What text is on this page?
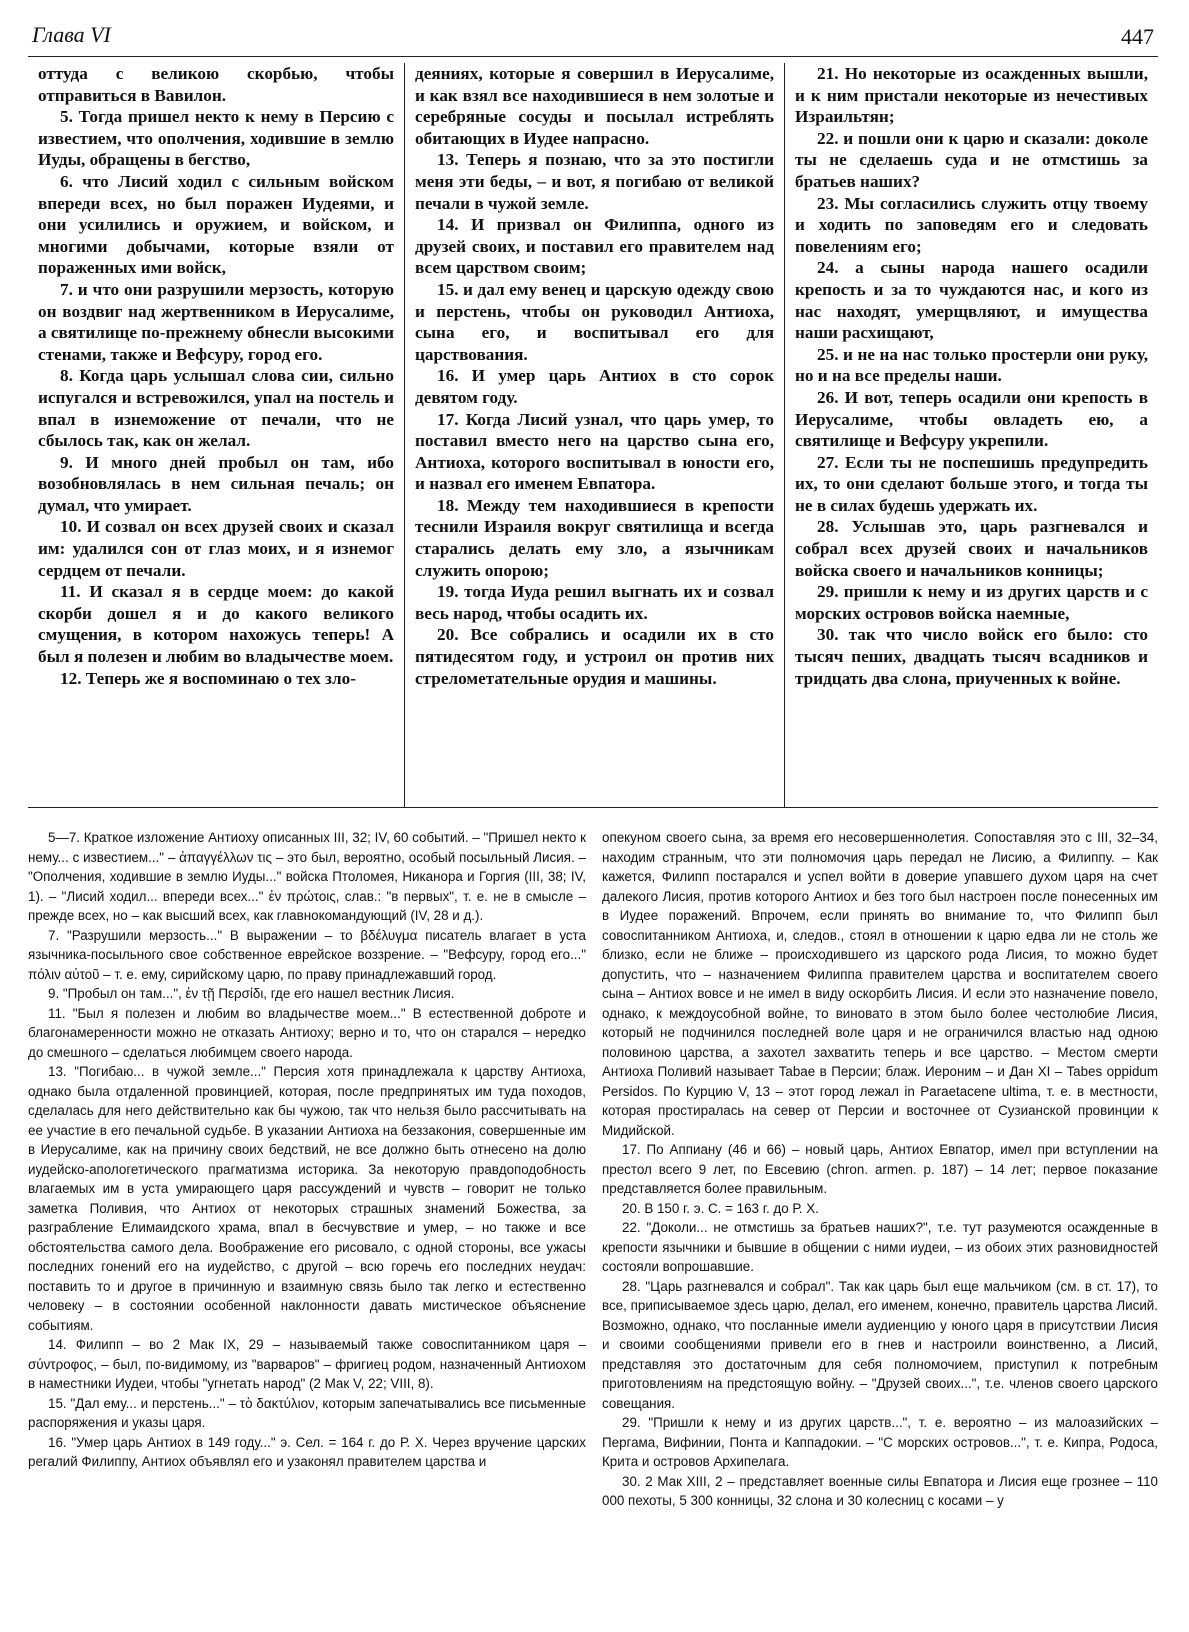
Глава VI	447

оттуда с великою скорбью, чтобы отправиться в Вавилон.

5. Тогда пришел некто к нему в Персию с известием, что ополчения, ходившие в землю Иуды, обращены в бегство,

6. что Лисий ходил с сильным войском впереди всех, но был поражен Иудеями, и они усилились и оружием, и войском, и многими добычами, которые взяли от пораженных ими войск,

7. и что они разрушили мерзость, которую он воздвиг над жертвенником в Иерусалиме, а святилище по-прежнему обнесли высокими стенами, также и Вефсуру, город его.

8. Когда царь услышал слова сии, сильно испугался и встревожился, упал на постель и впал в изнеможение от печали, что не сбылось так, как он желал.

9. И много дней пробыл он там, ибо возобновлялась в нем сильная печаль; он думал, что умирает.

10. И созвал он всех друзей своих и сказал им: удалился сон от глаз моих, и я изнемог сердцем от печали.

11. И сказал я в сердце моем: до какой скорби дошел я и до какого великого смущения, в котором нахожусь теперь! А был я полезен и любим во владычестве моем.

12. Теперь же я воспоминаю о тех зло-

деяниях, которые я совершил в Иерусалиме, и как взял все находившиеся в нем золотые и серебряные сосуды и посылал истреблять обитающих в Иудее напрасно.

13. Теперь я познаю, что за это постигли меня эти беды, – и вот, я погибаю от великой печали в чужой земле.

14. И призвал он Филиппа, одного из друзей своих, и поставил его правителем над всем царством своим;

15. и дал ему венец и царскую одежду свою и перстень, чтобы он руководил Антиоха, сына его, и воспитывал его для царствования.

16. И умер царь Антиох в сто сорок девятом году.

17. Когда Лисий узнал, что царь умер, то поставил вместо него на царство сына его, Антиоха, которого воспитывал в юности его, и назвал его именем Евпатора.

18. Между тем находившиеся в крепости теснили Израиля вокруг святилища и всегда старались делать ему зло, а язычникам служить опорою;

19. тогда Иуда решил выгнать их и созвал весь народ, чтобы осадить их.

20. Все собрались и осадили их в сто пятидесятом году, и устроил он против них стрелометательные орудия и машины.

21. Но некоторые из осажденных вышли, и к ним пристали некоторые из нечестивых Израильтян;

22. и пошли они к царю и сказали: доколе ты не сделаешь суда и не отмстишь за братьев наших?

23. Мы согласились служить отцу твоему и ходить по заповедям его и следовать повелениям его;

24. а сыны народа нашего осадили крепость и за то чуждаются нас, и кого из нас находят, умерщвляют, и имущества наши расхищают,

25. и не на нас только простерли они руку, но и на все пределы наши.

26. И вот, теперь осадили они крепость в Иерусалиме, чтобы овладеть ею, а святилище и Вефсуру укрепили.

27. Если ты не поспешишь предупредить их, то они сделают больше этого, и тогда ты не в силах будешь удержать их.

28. Услышав это, царь разгневался и собрал всех друзей своих и начальников войска своего и начальников конницы;

29. пришли к нему и из других царств и с морских островов войска наемные,

30. так что число войск его было: сто тысяч пеших, двадцать тысяч всадников и тридцать два слона, приученных к войне.

5—7. Краткое изложение Антиоху описанных III, 32; IV, 60 событий. – "Пришел некто к нему... с известием..." – ἀπαγγέλλων τις – это был, вероятно, особый посыльный Лисия. – "Ополчения, ходившие в землю Иуды..." войска Птоломея, Никанора и Горгия (III, 38; IV, 1). – "Лисий ходил... впереди всех..." ἐν πρώτοις, слав.: "в первых", т. е. не в смысле – прежде всех, но – как высший всех, как главнокомандующий (IV, 28 и д.).

7. "Разрушили мерзость..." В выражении – το βδέλυγμα писатель влагает в уста язычника-посыльного свое собственное еврейское воззрение. – "Вефсуру, город его..." πόλιν αὐτοῦ – т. е. ему, сирийскому царю, по праву принадлежавший город.

9. "Пробыл он там...", ἐν τῇ Περσίδι, где его нашел вестник Лисия.

11. "Был я полезен и любим во владычестве моем..." В естественной доброте и благонамеренности можно не отказать Антиоху; верно и то, что он старался – нередко до смешного – сделаться любимцем своего народа.

13. "Погибаю... в чужой земле..." Персия хотя принадлежала к царству Антиоха, однако была отдаленной провинцией, которая, после предпринятых им туда походов, сделалась для него действительно как бы чужою, так что нельзя было рассчитывать на ее участие в его печальной судьбе. В указании Антиоха на беззакония, совершенные им в Иерусалиме, как на причину своих бедствий, не все должно быть отнесено на долю иудейско-апологетического прагматизма историка. За некоторую правдоподобность влагаемых им в уста умирающего царя рассуждений и чувств – говорит не только заметка Поливия, что Антиох от некоторых страшных знамений Божества, за разграбление Елимаидского храма, впал в бесчувствие и умер, – но также и все обстоятельства самого дела. Воображение его рисовало, с одной стороны, все ужасы последних гонений его на иудейство, с другой – всю горечь его последних неудач: поставить то и другое в причинную и взаимную связь было так легко и естественно человеку – в состоянии особенной наклонности давать мистическое объяснение событиям.

14. Филипп – во 2 Мак IX, 29 – называемый также совоспитанником царя – σύντροφος, – был, по-видимому, из "варваров" – фригиец родом, назначенный Антиохом в наместники Иудеи, чтобы "угнетать народ" (2 Мак V, 22; VIII, 8).

15. "Дал ему... и перстень..." – τὸ δακτύλιον, которым запечатывались все письменные распоряжения и указы царя.

16. "Умер царь Антиох в 149 году..." э. Сел. = 164 г. до Р. Х. Через вручение царских регалий Филиппу, Антиох объявлял его и узаконял правителем царства и

опекуном своего сына, за время его несовершеннолетия. Сопоставляя это с III, 32–34, находим странным, что эти полномочия царь передал не Лисию, а Филиппу. – Как кажется, Филипп постарался и успел войти в доверие упавшего духом царя на счет далекого Лисия, против которого Антиох и без того был настроен после понесенных им в Иудее поражений. Впрочем, если принять во внимание то, что Филипп был совоспитанником Антиоха, и, следов., стоял в отношении к царю едва ли не столь же близко, если не ближе – происходившего из царского рода Лисия, то можно будет допустить, что – назначением Филиппа правителем царства и воспитателем своего сына – Антиох вовсе и не имел в виду оскорбить Лисия. И если это назначение повело, однако, к междоусобной войне, то виновато в этом было более честолюбие Лисия, который не подчинился последней воле царя и не ограничился властью над одною половиною царства, а захотел захватить теперь и все царство. – Местом смерти Антиоха Поливий называет Tabae в Персии; блаж. Иероним – и Дан XI – Tabes oppidum Persidos. По Курцию V, 13 – этот город лежал in Paraetacene ultima, т. е. в местности, которая простиралась на север от Персии и восточнее от Сузианской провинции к Мидийской.

17. По Аппиану (46 и 66) – новый царь, Антиох Евпатор, имел при вступлении на престол всего 9 лет, по Евсевию (chron. armen. p. 187) – 14 лет; первое показание представляется более правильным.

20. В 150 г. э. С. = 163 г. до Р. Х.

22. "Доколи... не отмстишь за братьев наших?", т.е. тут разумеются осажденные в крепости язычники и бывшие в общении с ними иудеи, – из обоих этих разновидностей состояли вопрошавшие.

28. "Царь разгневался и собрал". Так как царь был еще мальчиком (см. в ст. 17), то все, приписываемое здесь царю, делал, его именем, конечно, правитель царства Лисий. Возможно, однако, что посланные имели аудиенцию у юного царя в присутствии Лисия и своими сообщениями привели его в гнев и настроили воинственно, а Лисий, представляя это достаточным для себя полномочием, приступил к потребным приготовлениям на предстоящую войну. – "Друзей своих...", т.е. членов своего царского совещания.

29. "Пришли к нему и из других царств...", т. е. вероятно – из малоазийских – Пергама, Вифинии, Понта и Каппадокии. – "С морских островов...", т. е. Кипра, Родоса, Крита и островов Архипелага.

30. 2 Мак XIII, 2 – представляет военные силы Евпатора и Лисия еще грознее – 110 000 пехоты, 5 300 конницы, 32 слона и 30 колесниц с косами – у
